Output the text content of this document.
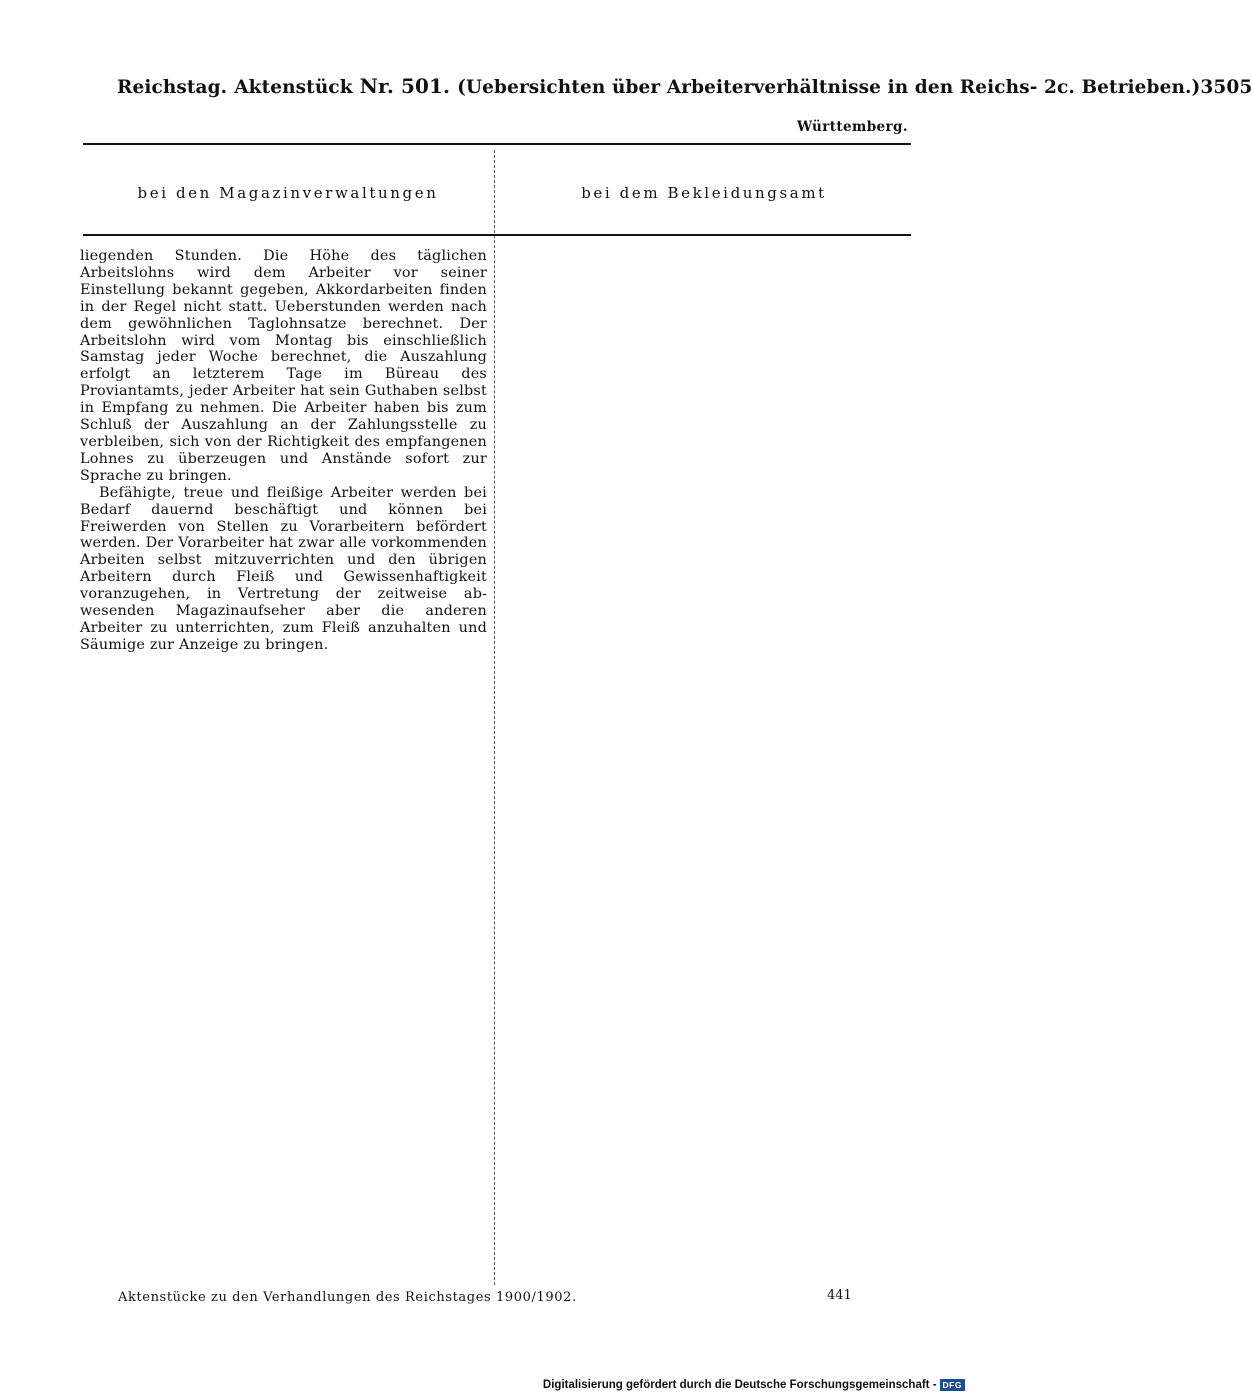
Reichstag. Aktenstück Nr. 501. (Uebersichten über Arbeiterverhältnisse in den Reichs- 2c. Betrieben.) 3505
Württemberg.
bei den Magazinverwaltungen	bei dem Bekleidungsamt

liegenden Stunden. Die Höhe des täglichen Arbeitslohns wird dem Arbeiter vor seiner Einstellung bekannt gegeben, Akkordarbeiten finden in der Regel nicht statt. Ueberstunden werden nach dem gewöhnlichen Taglohnsatze berechnet. Der Arbeitslohn wird vom Montag bis einschließlich Samstag jeder Woche berechnet, die Auszahlung erfolgt an letzterem Tage im Büreau des Proviantamts, jeder Arbeiter hat sein Guthaben selbst in Empfang zu nehmen. Die Arbeiter haben bis zum Schluß der Auszahlung an der Zahlungsstelle zu verbleiben, sich von der Richtigkeit des empfangenen Lohnes zu überzeugen und Anstände sofort zur Sprache zu bringen.

Befähigte, treue und fleißige Arbeiter werden bei Bedarf dauernd beschäftigt und können bei Freiwerden von Stellen zu Vorarbeitern befördert werden. Der Vorarbeiter hat zwar alle vorkommenden Arbeiten selbst mitzuverrichten und den übrigen Arbeitern durch Fleiß und Gewissenhaftigkeit voranzugehen, in Vertretung der zeitweise abwesenden Magazinaufseher aber die anderen Arbeiter zu unterrichten, zum Fleiß anzuhalten und Säumige zur Anzeige zu bringen.

Aktenstücke zu den Verhandlungen des Reichstages 1900/1902.	441
Digitalisierung gefördert durch die Deutsche Forschungsgemeinschaft - DFG
